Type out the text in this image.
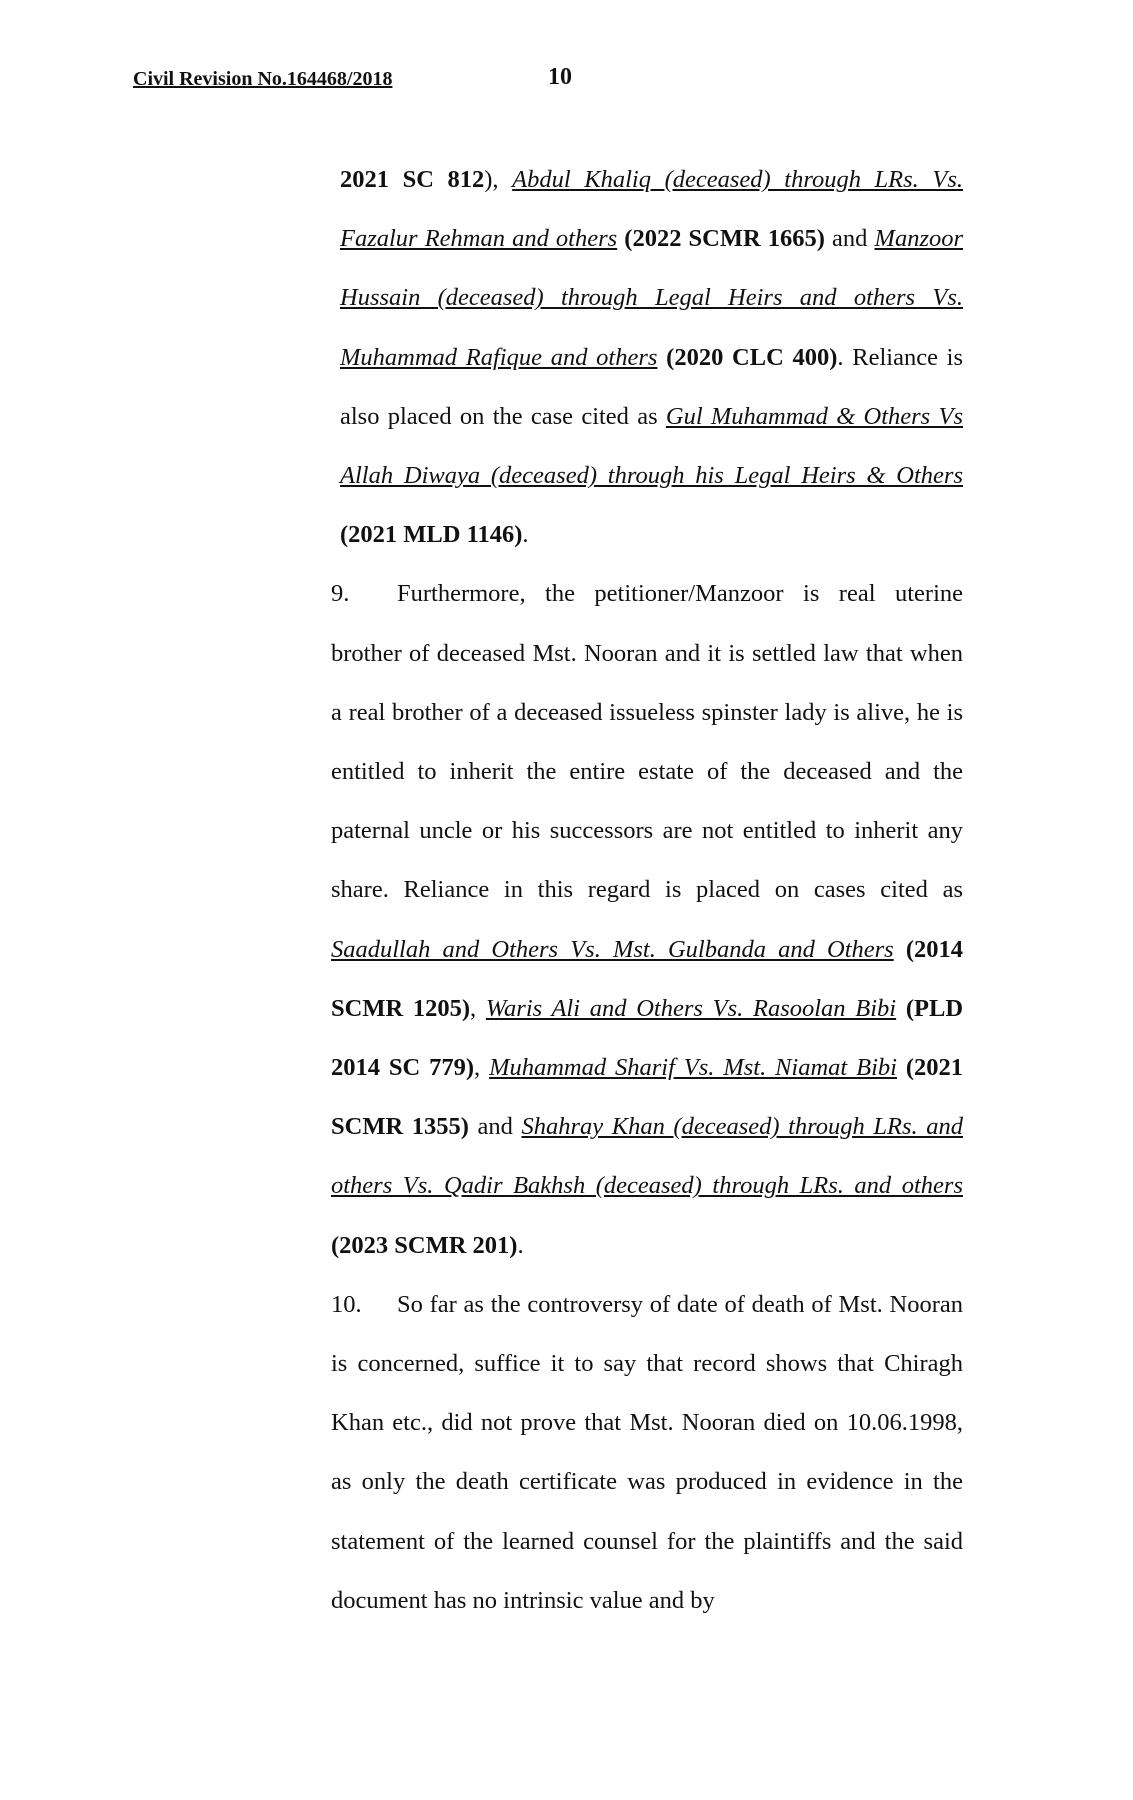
Civil Revision No.164468/2018	10

2021 SC 812), Abdul Khaliq (deceased) through LRs. Vs. Fazalur Rehman and others (2022 SCMR 1665) and Manzoor Hussain (deceased) through Legal Heirs and others Vs. Muhammad Rafique and others (2020 CLC 400). Reliance is also placed on the case cited as Gul Muhammad & Others Vs Allah Diwaya (deceased) through his Legal Heirs & Others (2021 MLD 1146).

9. Furthermore, the petitioner/Manzoor is real uterine brother of deceased Mst. Nooran and it is settled law that when a real brother of a deceased issueless spinster lady is alive, he is entitled to inherit the entire estate of the deceased and the paternal uncle or his successors are not entitled to inherit any share. Reliance in this regard is placed on cases cited as Saadullah and Others Vs. Mst. Gulbanda and Others (2014 SCMR 1205), Waris Ali and Others Vs. Rasoolan Bibi (PLD 2014 SC 779), Muhammad Sharif Vs. Mst. Niamat Bibi (2021 SCMR 1355) and Shahray Khan (deceased) through LRs. and others Vs. Qadir Bakhsh (deceased) through LRs. and others (2023 SCMR 201).

10. So far as the controversy of date of death of Mst. Nooran is concerned, suffice it to say that record shows that Chiragh Khan etc., did not prove that Mst. Nooran died on 10.06.1998, as only the death certificate was produced in evidence in the statement of the learned counsel for the plaintiffs and the said document has no intrinsic value and by
